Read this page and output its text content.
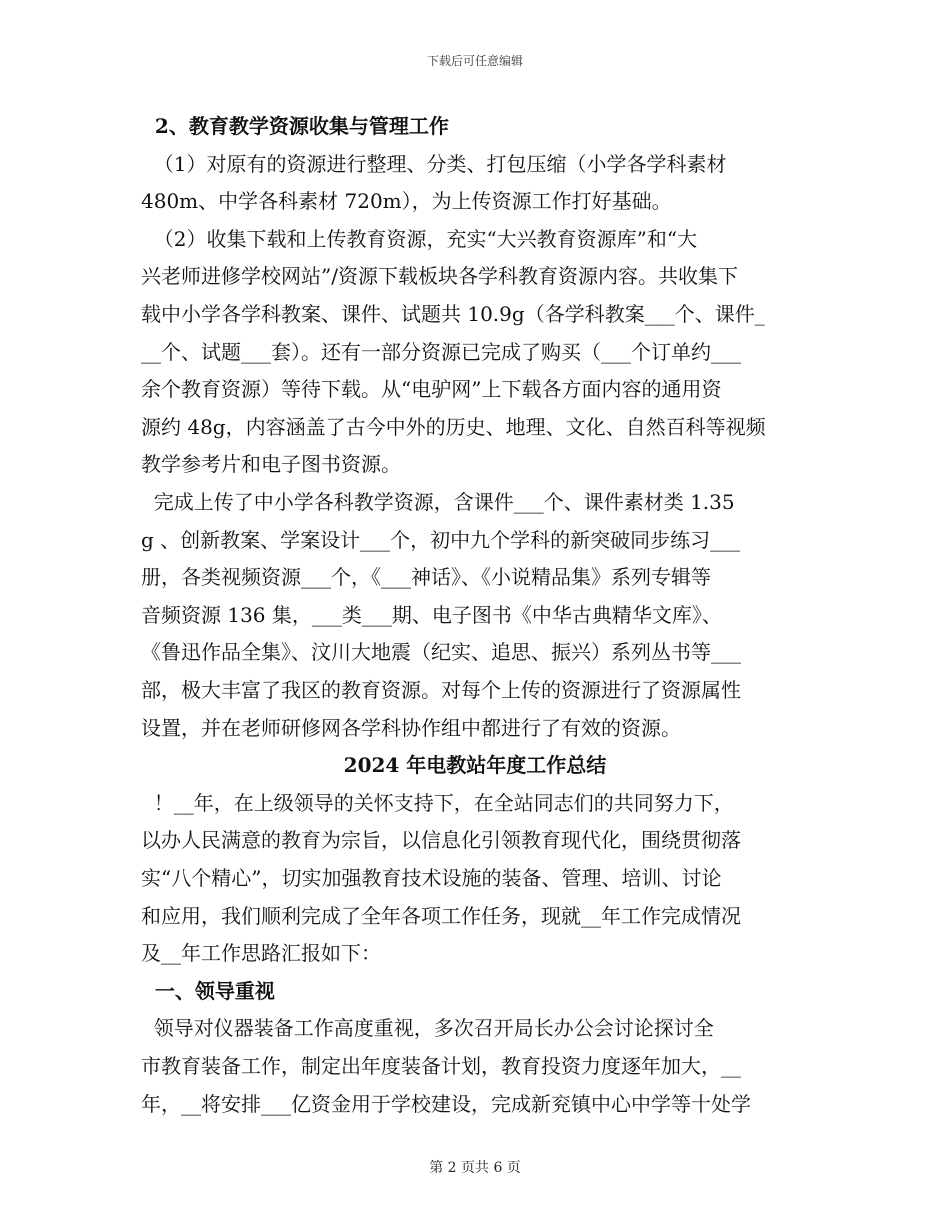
下载后可任意编辑
2、教育教学资源收集与管理工作
（1）对原有的资源进行整理、分类、打包压缩（小学各学科素材
480m、中学各科素材 720m），为上传资源工作打好基础。
（2）收集下载和上传教育资源，充实“大兴教育资源库”和“大
兴老师进修学校网站”/资源下载板块各学科教育资源内容。共收集下
载中小学各学科教案、课件、试题共 10.9g（各学科教案___个、课件_
__个、试题___套）。还有一部分资源已完成了购买（___个订单约___
余个教育资源）等待下载。从“电驴网”上下载各方面内容的通用资
源约 48g，内容涵盖了古今中外的历史、地理、文化、自然百科等视频
教学参考片和电子图书资源。
完成上传了中小学各科教学资源，含课件___个、课件素材类 1.35
g 、创新教案、学案设计___个，初中九个学科的新突破同步练习___
册，各类视频资源___个，《___神话》、《小说精品集》系列专辑等
音频资源 136 集，___类___期、电子图书《中华古典精华文库》、
《鲁迅作品全集》、汶川大地震（纪实、追思、振兴）系列丛书等___
部，极大丰富了我区的教育资源。对每个上传的资源进行了资源属性
设置，并在老师研修网各学科协作组中都进行了有效的资源。
2024 年电教站年度工作总结
！__年，在上级领导的关怀支持下，在全站同志们的共同努力下，
以办人民满意的教育为宗旨，以信息化引领教育现代化，围绕贯彻落
实“八个精心”，切实加强教育技术设施的装备、管理、培训、讨论
和应用，我们顺利完成了全年各项工作任务，现就__年工作完成情况
及__年工作思路汇报如下：
一、领导重视
领导对仪器装备工作高度重视，多次召开局长办公会讨论探讨全
市教育装备工作，制定出年度装备计划，教育投资力度逐年加大，__
年，__将安排___亿资金用于学校建设，完成新兖镇中心中学等十处学
第 2 页共 6 页
